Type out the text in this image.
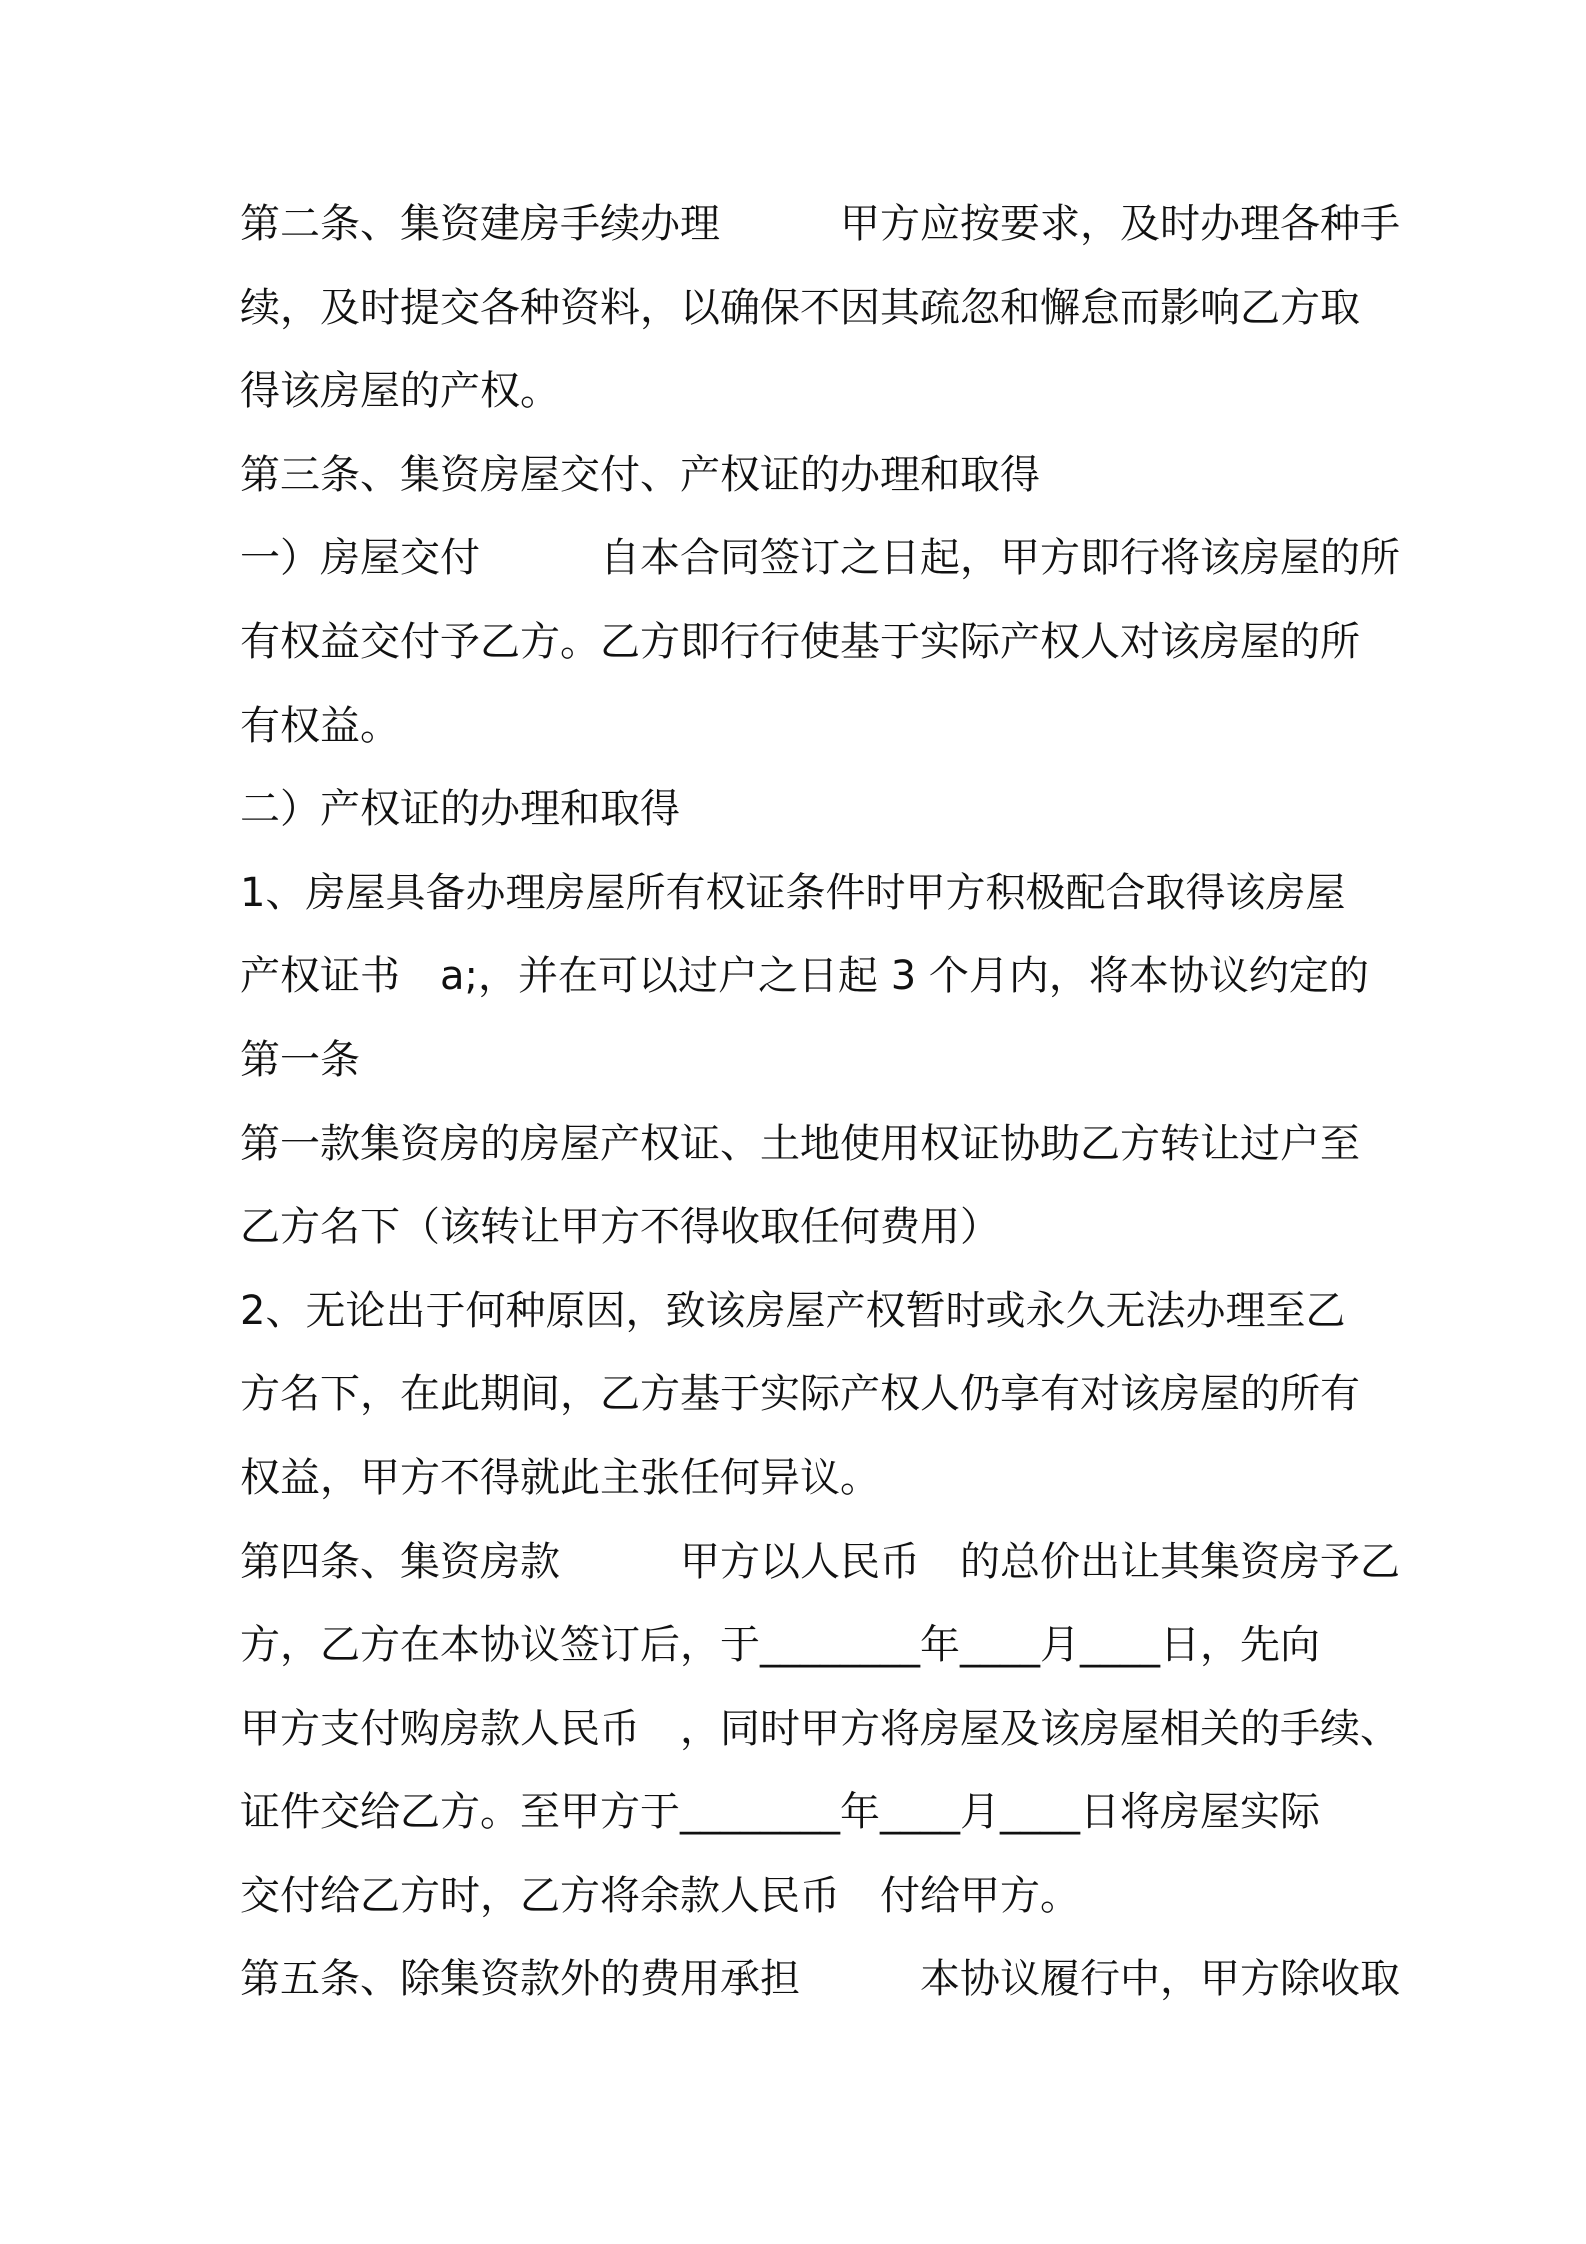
第二条、集资建房手续办理　　　甲方应按要求，及时办理各种手
续，及时提交各种资料，以确保不因其疏忽和懈怠而影响乙方取
得该房屋的产权。
第三条、集资房屋交付、产权证的办理和取得
一）房屋交付　　　自本合同签订之日起，甲方即行将该房屋的所
有权益交付予乙方。乙方即行行使基于实际产权人对该房屋的所
有权益。
二）产权证的办理和取得
1、房屋具备办理房屋所有权证条件时甲方积极配合取得该房屋
产权证书　a;，并在可以过户之日起 3 个月内，将本协议约定的
第一条
第一款集资房的房屋产权证、土地使用权证协助乙方转让过户至
乙方名下（该转让甲方不得收取任何费用）
2、无论出于何种原因，致该房屋产权暂时或永久无法办理至乙
方名下，在此期间，乙方基于实际产权人仍享有对该房屋的所有
权益，甲方不得就此主张任何异议。
第四条、集资房款　　　甲方以人民币　的总价出让其集资房予乙
方，乙方在本协议签订后，于________年____月____日，先向
甲方支付购房款人民币　，同时甲方将房屋及该房屋相关的手续、
证件交给乙方。至甲方于________年____月____日将房屋实际
交付给乙方时，乙方将余款人民币　付给甲方。
第五条、除集资款外的费用承担　　　本协议履行中，甲方除收取
